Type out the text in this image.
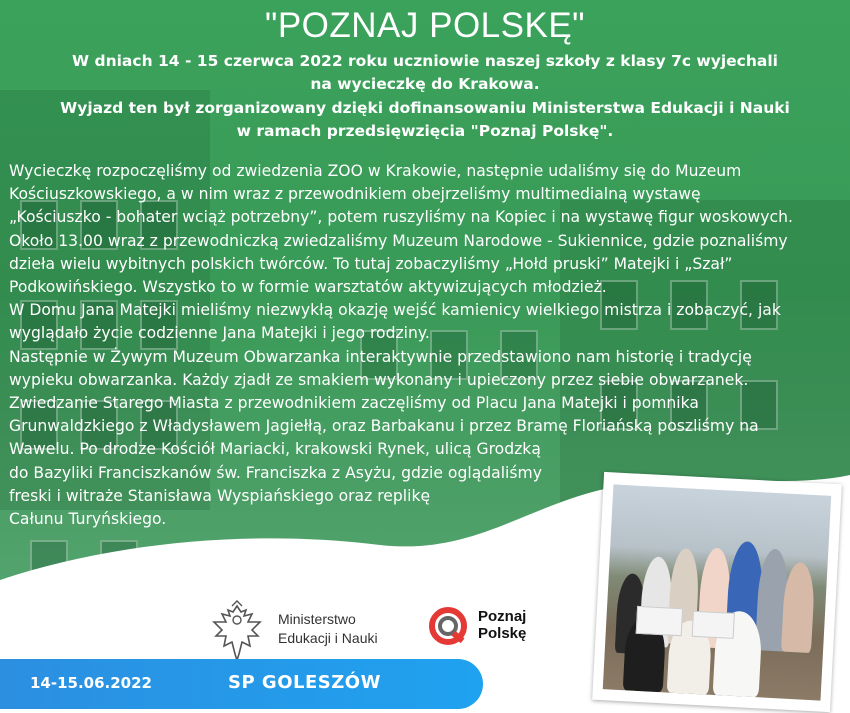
"POZNAJ POLSKĘ"
W dniach 14 - 15 czerwca 2022 roku uczniowie naszej szkoły z klasy 7c wyjechali
na wycieczkę do Krakowa.
Wyjazd ten był zorganizowany dzięki dofinansowaniu Ministerstwa Edukacji i Nauki
w ramach przedsięwzięcia "Poznaj Polskę".
Wycieczkę rozpoczęliśmy od zwiedzenia ZOO w Krakowie, następnie udaliśmy się do Muzeum
Kościuszkowskiego, a w nim wraz z przewodnikiem obejrzeliśmy multimedialną wystawę
„Kościuszko - bohater wciąż potrzebny”, potem ruszyliśmy na Kopiec i na wystawę figur woskowych.
Około 13.00 wraz z przewodniczką zwiedzaliśmy Muzeum Narodowe - Sukiennice, gdzie poznaliśmy
dzieła wielu wybitnych polskich twórców. To tutaj zobaczyliśmy „Hołd pruski” Matejki i „Szał”
Podkowińskiego. Wszystko to w formie warsztatów aktywizujących młodzież.
W Domu Jana Matejki mieliśmy niezwykłą okazję wejść kamienicy wielkiego mistrza i zobaczyć, jak
wyglądało życie codzienne Jana Matejki i jego rodziny.
Następnie w Żywym Muzeum Obwarzanka interaktywnie przedstawiono nam historię i tradycję
wypieku obwarzanka. Każdy zjadł ze smakiem wykonany i upieczony przez siebie obwarzanek.
Zwiedzanie Starego Miasta z przewodnikiem zaczęliśmy od Placu Jana Matejki i pomnika
Grunwaldzkiego z Władysławem Jagiełłą, oraz Barbakanu i przez Bramę Floriańską poszliśmy na
Wawelu. Po drodze Kościół Mariacki, krakowski Rynek, ulicą Grodzką
do Bazyliki Franciszkanów św. Franciszka z Asyżu, gdzie oglądaliśmy
freski i witraże Stanisława Wyspiańskiego oraz replikę
Całunu Turyńskiego.
Ministerstwo
Edukacji i Nauki
Poznaj
Polskę
14-15.06.2022	SP GOLESZÓW
